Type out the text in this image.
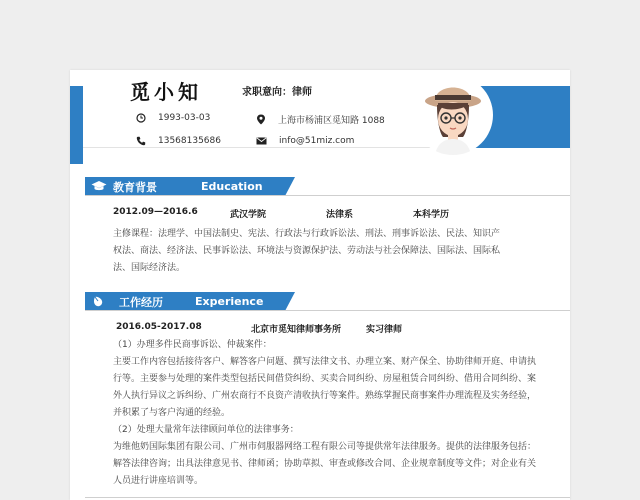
觅小知	求职意向：律师
1993-03-03	上海市杨浦区觅知路 1088
13568135686	info@51miz.com
教育背景	Education
2012.09—2016.6	武汉学院	法律系	本科学历
主修课程：法理学、中国法制史、宪法、行政法与行政诉讼法、刑法、刑事诉讼法、民法、知识产
权法、商法、经济法、民事诉讼法、环境法与资源保护法、劳动法与社会保障法、国际法、国际私
法、国际经济法。
工作经历	Experience
2016.05-2017.08	北京市觅知律师事务所	实习律师
（1）办理多件民商事诉讼、仲裁案件：
主要工作内容包括接待客户、解答客户问题、撰写法律文书、办理立案、财产保全、协助律师开庭、申请执
行等。主要参与处理的案件类型包括民间借贷纠纷、买卖合同纠纷、房屋租赁合同纠纷、借用合同纠纷、案
外人执行异议之诉纠纷、广州农商行不良资产清收执行等案件。熟练掌握民商事案件办理流程及实务经验，
并积累了与客户沟通的经验。
（2）处理大量常年法律顾问单位的法律事务：
为维他奶国际集团有限公司、广州市伺服器网络工程有限公司等提供常年法律服务。提供的法律服务包括：
解答法律咨询；出具法律意见书、律师函；协助草拟、审查或修改合同、企业规章制度等文件；对企业有关
人员进行讲座培训等。
